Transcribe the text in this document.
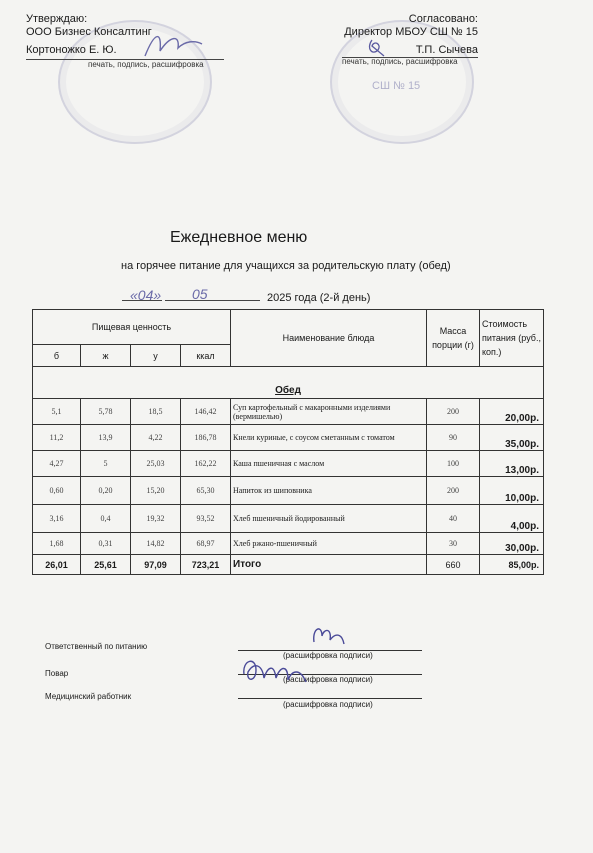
СШ № 15
Утверждаю:
ООО Бизнес Консалтинг
Кортоножко Е. Ю.
печать, подпись, расшифровка
Согласовано:
Директор МБОУ СШ № 15
Т.П. Сычева
печать, подпись, расшифровка
Ежедневное меню
на горячее питание для учащихся за родительскую плату (обед)
«04» 05	2025 года (2-й день)
Пищевая ценность				Наименование блюда	Масса порции (г)	Стоимость питания (руб., коп.)
б	ж	у	ккал			
Обед						
5,1	5,78	18,5	146,42	Суп картофельный с макаронными изделиями (вермишелью)	200	20,00р.
11,2	13,9	4,22	186,78	Кнели куриные, с соусом сметанным с томатом	90	35,00р.
4,27	5	25,03	162,22	Каша пшеничная с маслом	100	13,00р.
0,60	0,20	15,20	65,30	Напиток из шиповника	200	10,00р.
3,16	0,4	19,32	93,52	Хлеб пшеничный йодированный	40	4,00р.
1,68	0,31	14,82	68,97	Хлеб ржано-пшеничный	30	30,00р.
26,01	25,61	97,09	723,21	Итого	660	85,00р.
Ответственный по питанию
(расшифровка подписи)
Повар
(расшифровка подписи)
Медицинский работник
(расшифровка подписи)
